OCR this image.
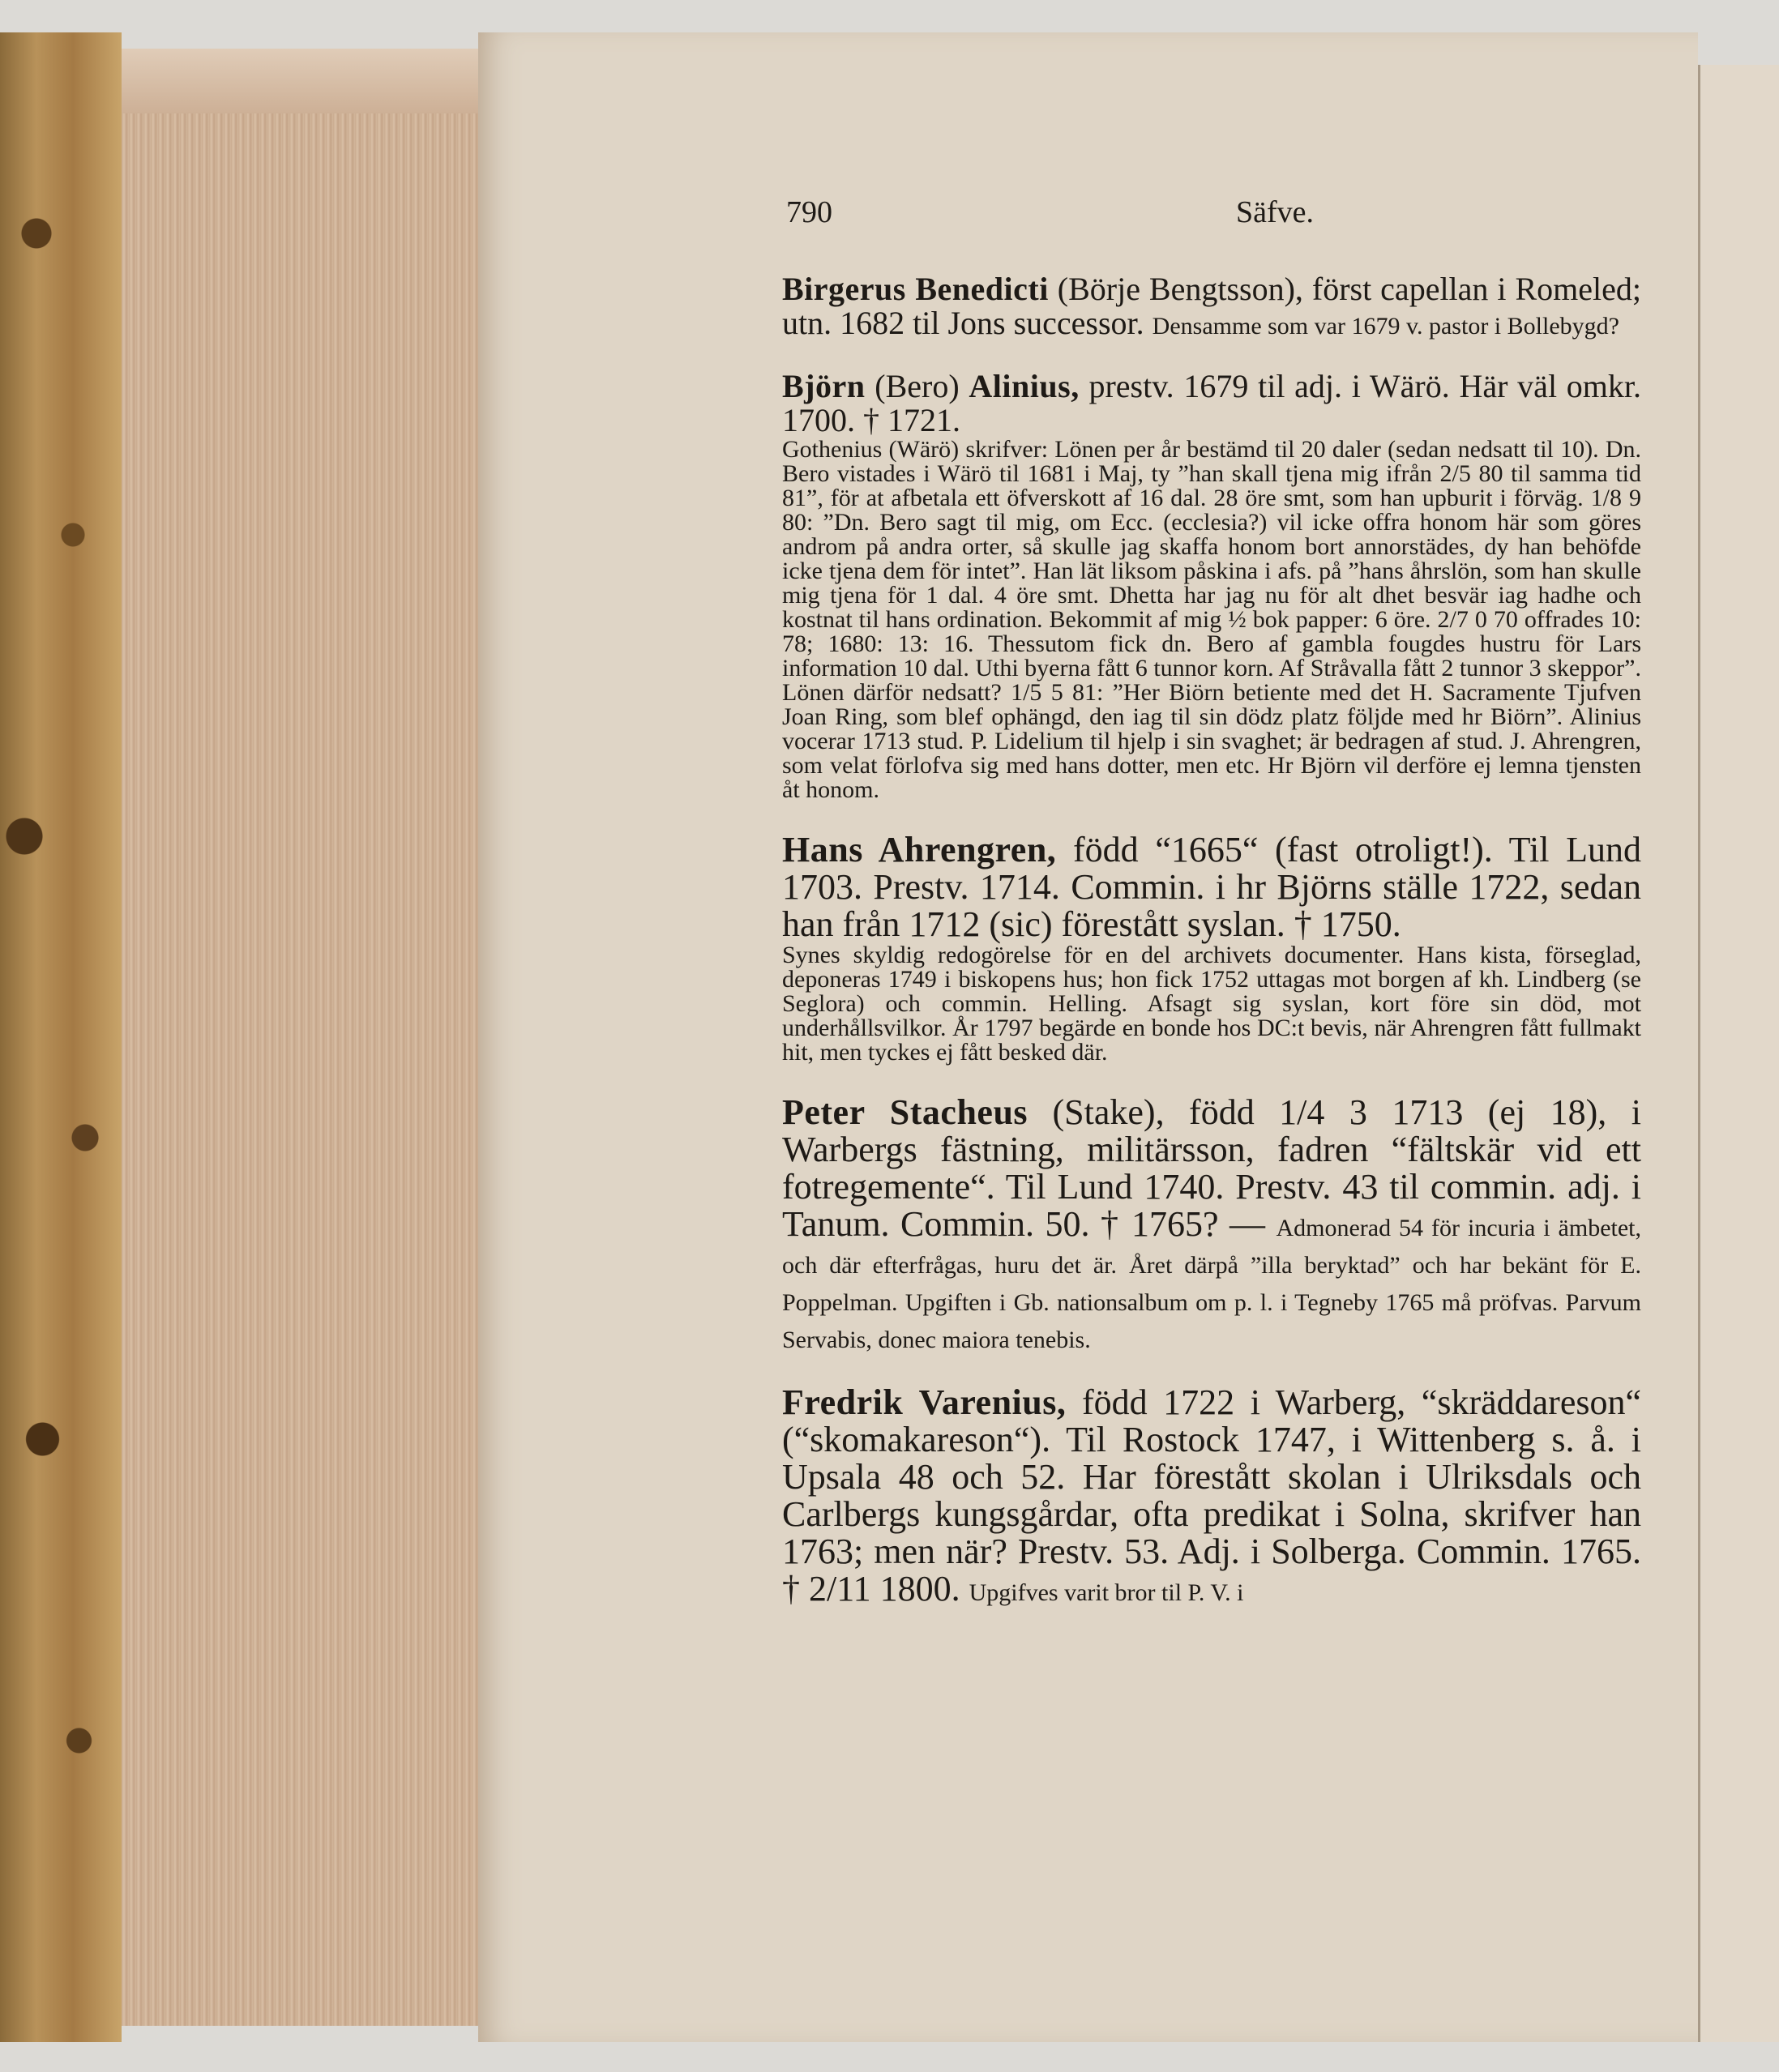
790	Säfve.

Birgerus Benedicti (Börje Bengtsson), först capellan i Romeled; utn. 1682 til Jons successor. Densamme som var 1679 v. pastor i Bollebygd?

Björn (Bero) Alinius, prestv. 1679 til adj. i Wärö. Här väl omkr. 1700. † 1721.

Gothenius (Wärö) skrifver: Lönen per år bestämd til 20 daler (sedan nedsatt til 10). Dn. Bero vistades i Wärö til 1681 i Maj, ty ”han skall tjena mig ifrån 2/5 80 til samma tid 81”, för at afbetala ett öfverskott af 16 dal. 28 öre smt, som han upburit i förväg. 1/8 9 80: ”Dn. Bero sagt til mig, om Ecc. (ecclesia?) vil icke offra honom här som göres androm på andra orter, så skulle jag skaffa honom bort annorstädes, dy han behöfde icke tjena dem för intet”. Han lät liksom påskina i afs. på ”hans åhrslön, som han skulle mig tjena för 1 dal. 4 öre smt. Dhetta har jag nu för alt dhet besvär iag hadhe och kostnat til hans ordination. Bekommit af mig ½ bok papper: 6 öre. 2/7 0 70 offrades 10: 78; 1680: 13: 16. Thessutom fick dn. Bero af gambla fougdes hustru för Lars information 10 dal. Uthi byerna fått 6 tunnor korn. Af Stråvalla fått 2 tunnor 3 skeppor”. Lönen därför nedsatt? 1/5 5 81: ”Her Biörn betiente med det H. Sacramente Tjufven Joan Ring, som blef ophängd, den iag til sin dödz platz följde med hr Biörn”. Alinius vocerar 1713 stud. P. Lidelium til hjelp i sin svaghet; är bedragen af stud. J. Ahrengren, som velat förlofva sig med hans dotter, men etc. Hr Björn vil derföre ej lemna tjensten åt honom.

Hans Ahrengren, född “1665“ (fast otroligt!). Til Lund 1703. Prestv. 1714. Commin. i hr Björns ställe 1722, sedan han från 1712 (sic) förestått syslan. † 1750.

Synes skyldig redogörelse för en del archivets documenter. Hans kista, förseglad, deponeras 1749 i biskopens hus; hon fick 1752 uttagas mot borgen af kh. Lindberg (se Seglora) och commin. Helling. Afsagt sig syslan, kort före sin död, mot underhållsvilkor. År 1797 begärde en bonde hos DC:t bevis, när Ahrengren fått fullmakt hit, men tyckes ej fått besked där.

Peter Stacheus (Stake), född 1/4 3 1713 (ej 18), i Warbergs fästning, militärsson, fadren “fältskär vid ett fotregemente“. Til Lund 1740. Prestv. 43 til commin. adj. i Tanum. Commin. 50. † 1765? — Admonerad 54 för incuria i ämbetet, och där efterfrågas, huru det är. Året därpå ”illa beryktad” och har bekänt för E. Poppelman. Upgiften i Gb. nationsalbum om p. l. i Tegneby 1765 må pröfvas. Parvum Servabis, donec maiora tenebis.

Fredrik Varenius, född 1722 i Warberg, “skräddareson“ (“skomakareson“). Til Rostock 1747, i Wittenberg s. å. i Upsala 48 och 52. Har förestått skolan i Ulriksdals och Carlbergs kungsgårdar, ofta predikat i Solna, skrifver han 1763; men när? Prestv. 53. Adj. i Solberga. Commin. 1765. † 2/11 1800. Upgifves varit bror til P. V. i
